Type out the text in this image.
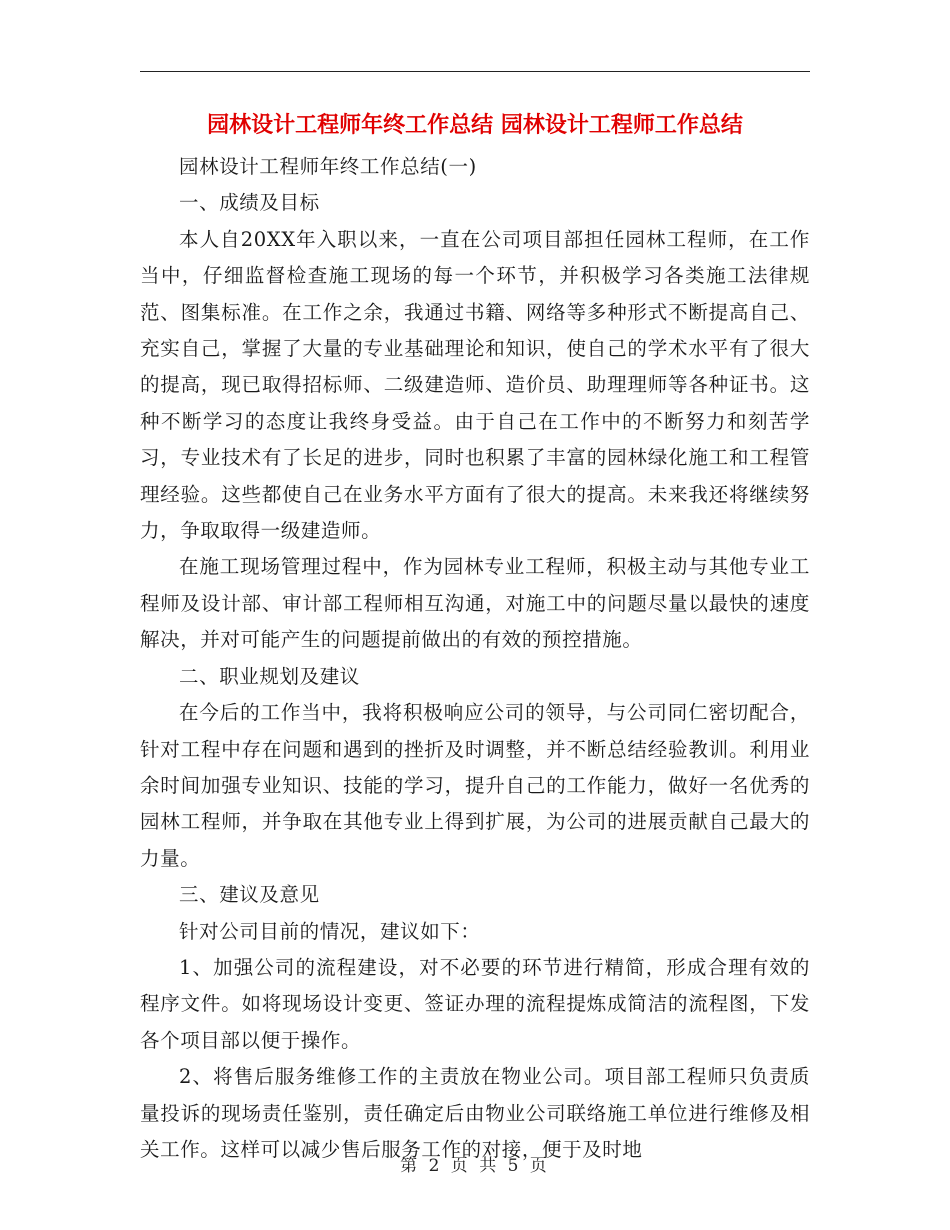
园林设计工程师年终工作总结 园林设计工程师工作总结

园林设计工程师年终工作总结(一)

一、成绩及目标

本人自20XX年入职以来，一直在公司项目部担任园林工程师，在工作当中，仔细监督检查施工现场的每一个环节，并积极学习各类施工法律规范、图集标准。在工作之余，我通过书籍、网络等多种形式不断提高自己、充实自己，掌握了大量的专业基础理论和知识，使自己的学术水平有了很大的提高，现已取得招标师、二级建造师、造价员、助理理师等各种证书。这种不断学习的态度让我终身受益。由于自己在工作中的不断努力和刻苦学习，专业技术有了长足的进步，同时也积累了丰富的园林绿化施工和工程管理经验。这些都使自己在业务水平方面有了很大的提高。未来我还将继续努力，争取取得一级建造师。

在施工现场管理过程中，作为园林专业工程师，积极主动与其他专业工程师及设计部、审计部工程师相互沟通，对施工中的问题尽量以最快的速度解决，并对可能产生的问题提前做出的有效的预控措施。

二、职业规划及建议

在今后的工作当中，我将积极响应公司的领导，与公司同仁密切配合，针对工程中存在问题和遇到的挫折及时调整，并不断总结经验教训。利用业余时间加强专业知识、技能的学习，提升自己的工作能力，做好一名优秀的园林工程师，并争取在其他专业上得到扩展，为公司的进展贡献自己最大的力量。

三、建议及意见

针对公司目前的情况，建议如下：

1、加强公司的流程建设，对不必要的环节进行精简，形成合理有效的程序文件。如将现场设计变更、签证办理的流程提炼成简洁的流程图，下发各个项目部以便于操作。

2、将售后服务维修工作的主责放在物业公司。项目部工程师只负责质量投诉的现场责任鉴别，责任确定后由物业公司联络施工单位进行维修及相关工作。这样可以减少售后服务工作的对接，便于及时地

第 2 页 共 5 页
